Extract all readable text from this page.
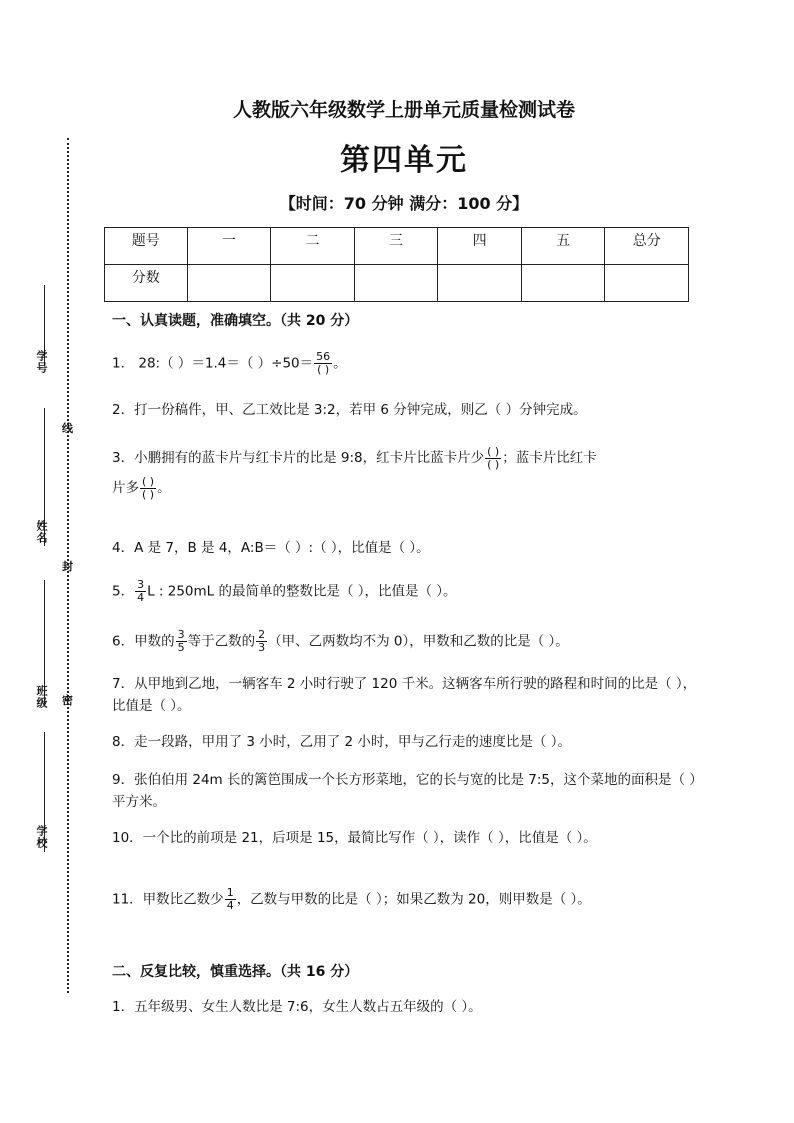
学号
姓名
班级
学校
线
封
密

人教版六年级数学上册单元质量检测试卷

第四单元

【时间：70 分钟 满分：100 分】

题号	一	二	三	四	五	总分
分数						

一、认真读题，准确填空。（共 20 分）

1． 28:（ ）＝1.4＝（ ）$\div 50= \frac{56}{( )}$ 。
2．打一份稿件，甲、乙工效比是 3:2，若甲 6 分钟完成，则乙（ ）分钟完成。
3．小鹏拥有的蓝卡片与红卡片的比是 9:8，红卡片比蓝卡片少 $\frac{( )}{( )}$ ；蓝卡片比红卡
片多 $\frac{( )}{( )}$ 。
4．A 是 7，B 是 4，A:B＝（ ）:（ ），比值是（ ）。
5． $\frac{3}{4}$ L : 250mL 的最简单的整数比是（ ），比值是（ ）。
6．甲数的 $\frac{3}{5}$ 等于乙数的 $\frac{2}{3}$ （甲、乙两数均不为 0），甲数和乙数的比是（ ）。
7．从甲地到乙地，一辆客车 2 小时行驶了 120 千米。这辆客车所行驶的路程和时间的比是（ ），比值是（ ）。
8．走一段路，甲用了 3 小时，乙用了 2 小时，甲与乙行走的速度比是（ ）。
9．张伯伯用 24m 长的篱笆围成一个长方形菜地，它的长与宽的比是 7:5，这个菜地的面积是（ ）平方米。
10．一个比的前项是 21，后项是 15，最简比写作（ ），读作（ ），比值是（ ）。
11．甲数比乙数少 $\frac{1}{4}$ ，乙数与甲数的比是（ ）；如果乙数为 20，则甲数是（ ）。

二、反复比较，慎重选择。（共 16 分）

1．五年级男、女生人数比是 7:6，女生人数占五年级的（ ）。
